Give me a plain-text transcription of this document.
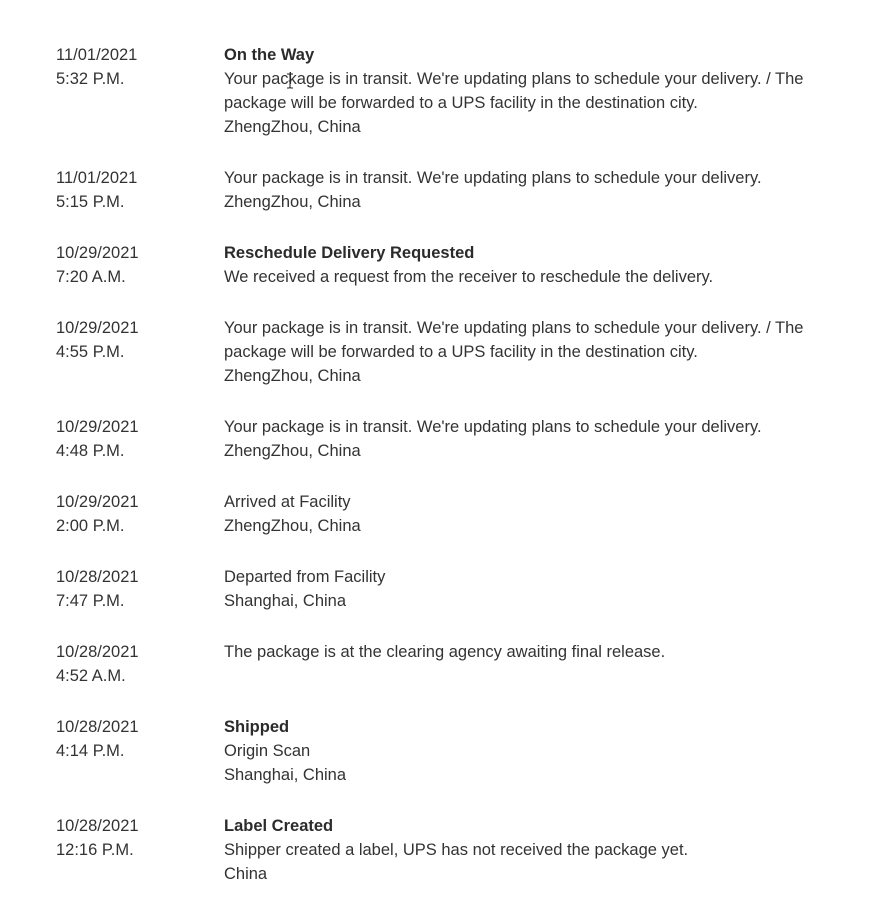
11/01/2021
5:32 P.M.
On the Way
Your package is in transit. We're updating plans to schedule your delivery. / The package will be forwarded to a UPS facility in the destination city.
ZhengZhou, China
11/01/2021
5:15 P.M.
Your package is in transit. We're updating plans to schedule your delivery.
ZhengZhou, China
10/29/2021
7:20 A.M.
Reschedule Delivery Requested
We received a request from the receiver to reschedule the delivery.
10/29/2021
4:55 P.M.
Your package is in transit. We're updating plans to schedule your delivery. / The package will be forwarded to a UPS facility in the destination city.
ZhengZhou, China
10/29/2021
4:48 P.M.
Your package is in transit. We're updating plans to schedule your delivery.
ZhengZhou, China
10/29/2021
2:00 P.M.
Arrived at Facility
ZhengZhou, China
10/28/2021
7:47 P.M.
Departed from Facility
Shanghai, China
10/28/2021
4:52 A.M.
The package is at the clearing agency awaiting final release.
10/28/2021
4:14 P.M.
Shipped
Origin Scan
Shanghai, China
10/28/2021
12:16 P.M.
Label Created
Shipper created a label, UPS has not received the package yet.
China
